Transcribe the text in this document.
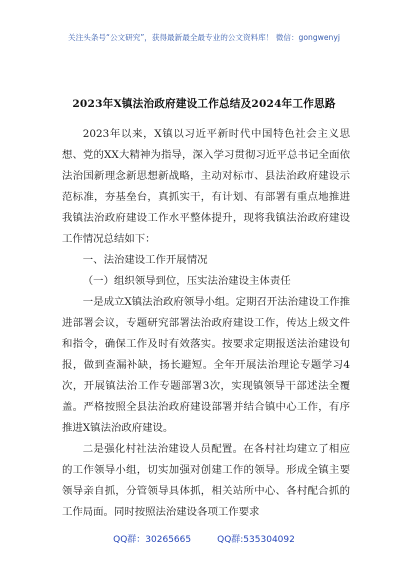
关注头条号“公文研究”，获得最新最全最专业的公文资料库！ 微信：gongwenyj
2023年X镇法治政府建设工作总结及2024年工作思路

2023年以来，X镇以习近平新时代中国特色社会主义思想、党的XX大精神为指导，深入学习贯彻习近平总书记全面依法治国新理念新思想新战略，主动对标市、县法治政府建设示范标准，夯基垒台，真抓实干，有计划、有部署有重点地推进我镇法治政府建设工作水平整体提升，现将我镇法治政府建设工作情况总结如下：

一、法治建设工作开展情况

（一）组织领导到位，压实法治建设主体责任

一是成立X镇法治政府领导小组。定期召开法治建设工作推进部署会议，专题研究部署法治政府建设工作，传达上级文件和指令，确保工作及时有效落实。按要求定期报送法治建设旬报，做到查漏补缺，扬长避短。全年开展法治理论专题学习4次，开展镇法治工作专题部署3次，实现镇领导干部述法全覆盖。严格按照全县法治政府建设部署并结合镇中心工作，有序推进X镇法治政府建设。

二是强化村社法治建设人员配置。在各村社均建立了相应的工作领导小组，切实加强对创建工作的领导。形成全镇主要领导亲自抓，分管领导具体抓，相关站所中心、各村配合抓的工作局面。同时按照法治建设各项工作要求

QQ群：30265665	QQ群:535304092
